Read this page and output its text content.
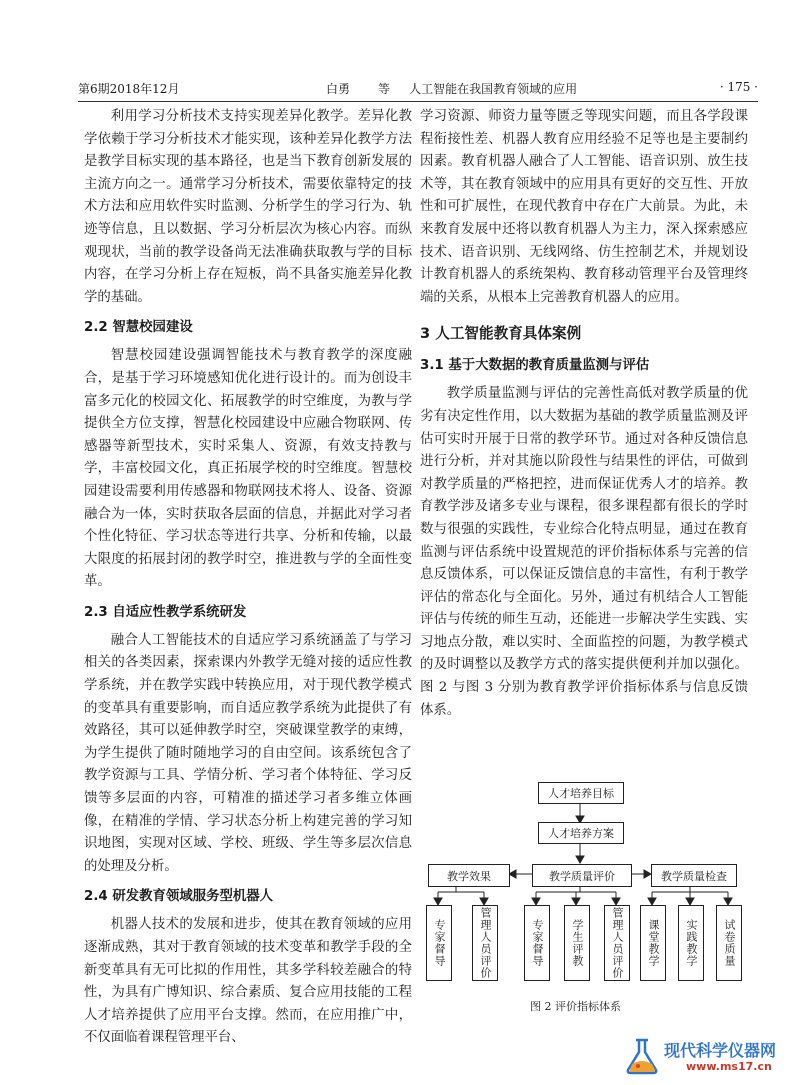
第6期2018年12月	白勇 等 人工智能在我国教育领域的应用	· 175 ·

利用学习分析技术支持实现差异化教学。差异化教学依赖于学习分析技术才能实现，该种差异化教学方法是教学目标实现的基本路径，也是当下教育创新发展的主流方向之一。通常学习分析技术，需要依靠特定的技术方法和应用软件实时监测、分析学生的学习行为、轨迹等信息，且以数据、学习分析层次为核心内容。而纵观现状，当前的教学设备尚无法准确获取教与学的目标内容，在学习分析上存在短板，尚不具备实施差异化教学的基础。

2.2 智慧校园建设

智慧校园建设强调智能技术与教育教学的深度融合，是基于学习环境感知优化进行设计的。而为创设丰富多元化的校园文化、拓展教学的时空维度，为教与学提供全方位支撑，智慧化校园建设中应融合物联网、传感器等新型技术，实时采集人、资源，有效支持教与学，丰富校园文化，真正拓展学校的时空维度。智慧校园建设需要利用传感器和物联网技术将人、设备、资源融合为一体，实时获取各层面的信息，并据此对学习者个性化特征、学习状态等进行共享、分析和传输，以最大限度的拓展封闭的教学时空，推进教与学的全面性变革。

2.3 自适应性教学系统研发

融合人工智能技术的自适应学习系统涵盖了与学习相关的各类因素，探索课内外教学无缝对接的适应性教学系统，并在教学实践中转换应用，对于现代教学模式的变革具有重要影响，而自适应教学系统为此提供了有效路径，其可以延伸教学时空，突破课堂教学的束缚，为学生提供了随时随地学习的自由空间。该系统包含了教学资源与工具、学情分析、学习者个体特征、学习反馈等多层面的内容，可精准的描述学习者多维立体画像，在精准的学情、学习状态分析上构建完善的学习知识地图，实现对区域、学校、班级、学生等多层次信息的处理及分析。

2.4 研发教育领域服务型机器人

机器人技术的发展和进步，使其在教育领域的应用逐渐成熟，其对于教育领域的技术变革和教学手段的全新变革具有无可比拟的作用性，其多学科较差融合的特性，为具有广博知识、综合素质、复合应用技能的工程人才培养提供了应用平台支撑。然而，在应用推广中，不仅面临着课程管理平台、

学习资源、师资力量等匮乏等现实问题，而且各学段课程衔接性差、机器人教育应用经验不足等也是主要制约因素。教育机器人融合了人工智能、语音识别、放生技术等，其在教育领域中的应用具有更好的交互性、开放性和可扩展性，在现代教育中存在广大前景。为此，未来教育发展中还将以教育机器人为主力，深入探索感应技术、语音识别、无线网络、仿生控制艺术，并规划设计教育机器人的系统架构、教育移动管理平台及管理终端的关系，从根本上完善教育机器人的应用。

3 人工智能教育具体案例
3.1 基于大数据的教育质量监测与评估

教学质量监测与评估的完善性高低对教学质量的优劣有决定性作用，以大数据为基础的教学质量监测及评估可实时开展于日常的教学环节。通过对各种反馈信息进行分析，并对其施以阶段性与结果性的评估，可做到对教学质量的严格把控，进而保证优秀人才的培养。教育教学涉及诸多专业与课程，很多课程都有很长的学时数与很强的实践性，专业综合化特点明显，通过在教育监测与评估系统中设置规范的评价指标体系与完善的信息反馈体系，可以保证反馈信息的丰富性，有利于教学评估的常态化与全面化。另外，通过有机结合人工智能评估与传统的师生互动，还能进一步解决学生实践、实习地点分散，难以实时、全面监控的问题，为教学模式的及时调整以及教学方式的落实提供便利并加以强化。图 2 与图 3 分别为教育教学评价指标体系与信息反馈体系。

人才培养目标
人才培养方案
教学效果	教学质量评价	教学质量检查
专家督导	管理人员评价	专家督导 学生评教 管理人员评价 课堂教学 实践教学 试卷质量
图 2 评价指标体系
现代科学仪器网
www.ms17.cn
